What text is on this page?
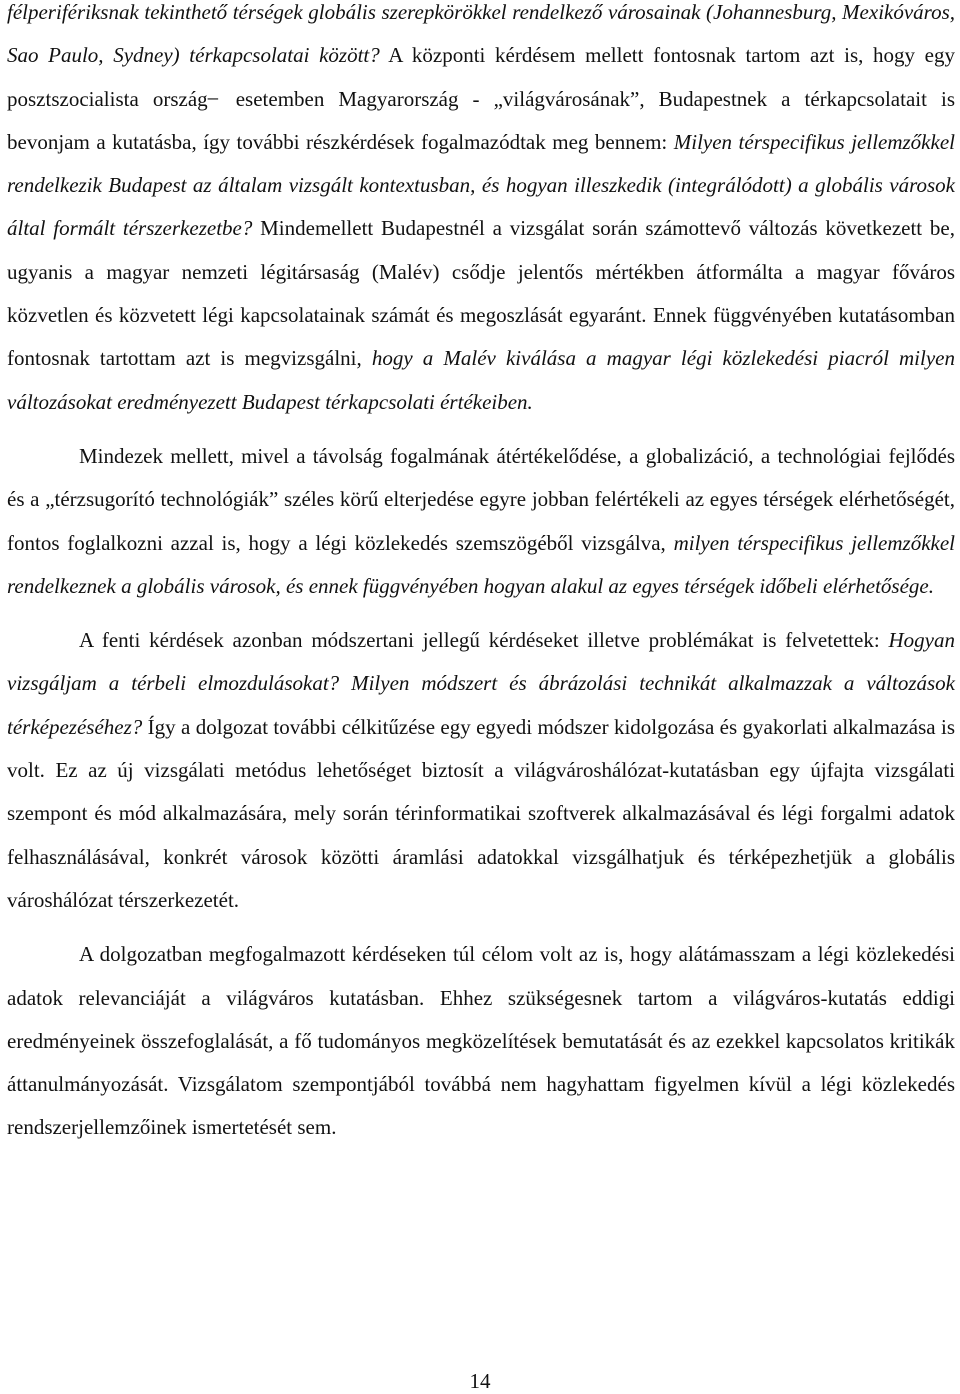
félperifériksnak tekinthető térségek globális szerepkörökkel rendelkező városainak (Johannesburg, Mexikóváros, Sao Paulo, Sydney) térkapcsolatai között? A központi kérdésem mellett fontosnak tartom azt is, hogy egy posztszocialista ország ̶ esetemben Magyarország - „világvárosának”, Budapestnek a térkapcsolatait is bevonjam a kutatásba, így további részkérdések fogalmazódtak meg bennem: Milyen térspecifikus jellemzőkkel rendelkezik Budapest az általam vizsgált kontextusban, és hogyan illeszkedik (integrálódott) a globális városok által formált térszerkezetbe? Mindemellett Budapestnél a vizsgálat során számottevő változás következett be, ugyanis a magyar nemzeti légitársaság (Malév) csődje jelentős mértékben átformálta a magyar főváros közvetlen és közvetett légi kapcsolatainak számát és megoszlását egyaránt. Ennek függvényében kutatásomban fontosnak tartottam azt is megvizsgálni, hogy a Malév kiválása a magyar légi közlekedési piacról milyen változásokat eredményezett Budapest térkapcsolati értékeiben.

Mindezek mellett, mivel a távolság fogalmának átértékelődése, a globalizáció, a technológiai fejlődés és a „térzsugorító technológiák” széles körű elterjedése egyre jobban felértékeli az egyes térségek elérhetőségét, fontos foglalkozni azzal is, hogy a légi közlekedés szemszögéből vizsgálva, milyen térspecifikus jellemzőkkel rendelkeznek a globális városok, és ennek függvényében hogyan alakul az egyes térségek időbeli elérhetősége.

A fenti kérdések azonban módszertani jellegű kérdéseket illetve problémákat is felvetettek: Hogyan vizsgáljam a térbeli elmozdulásokat? Milyen módszert és ábrázolási technikát alkalmazzak a változások térképezéséhez? Így a dolgozat további célkitűzése egy egyedi módszer kidolgozása és gyakorlati alkalmazása is volt. Ez az új vizsgálati metódus lehetőséget biztosít a világvároshálózat-kutatásban egy újfajta vizsgálati szempont és mód alkalmazására, mely során térinformatikai szoftverek alkalmazásával és légi forgalmi adatok felhasználásával, konkrét városok közötti áramlási adatokkal vizsgálhatjuk és térképezhetjük a globális városhálózat térszerkezetét.

A dolgozatban megfogalmazott kérdéseken túl célom volt az is, hogy alátámasszam a légi közlekedési adatok relevanciáját a világváros kutatásban. Ehhez szükségesnek tartom a világváros-kutatás eddigi eredményeinek összefoglalását, a fő tudományos megközelítések bemutatását és az ezekkel kapcsolatos kritikák áttanulmányozását. Vizsgálatom szempontjából továbbá nem hagyhattam figyelmen kívül a légi közlekedés rendszerjellemzőinek ismertetését sem.

14
